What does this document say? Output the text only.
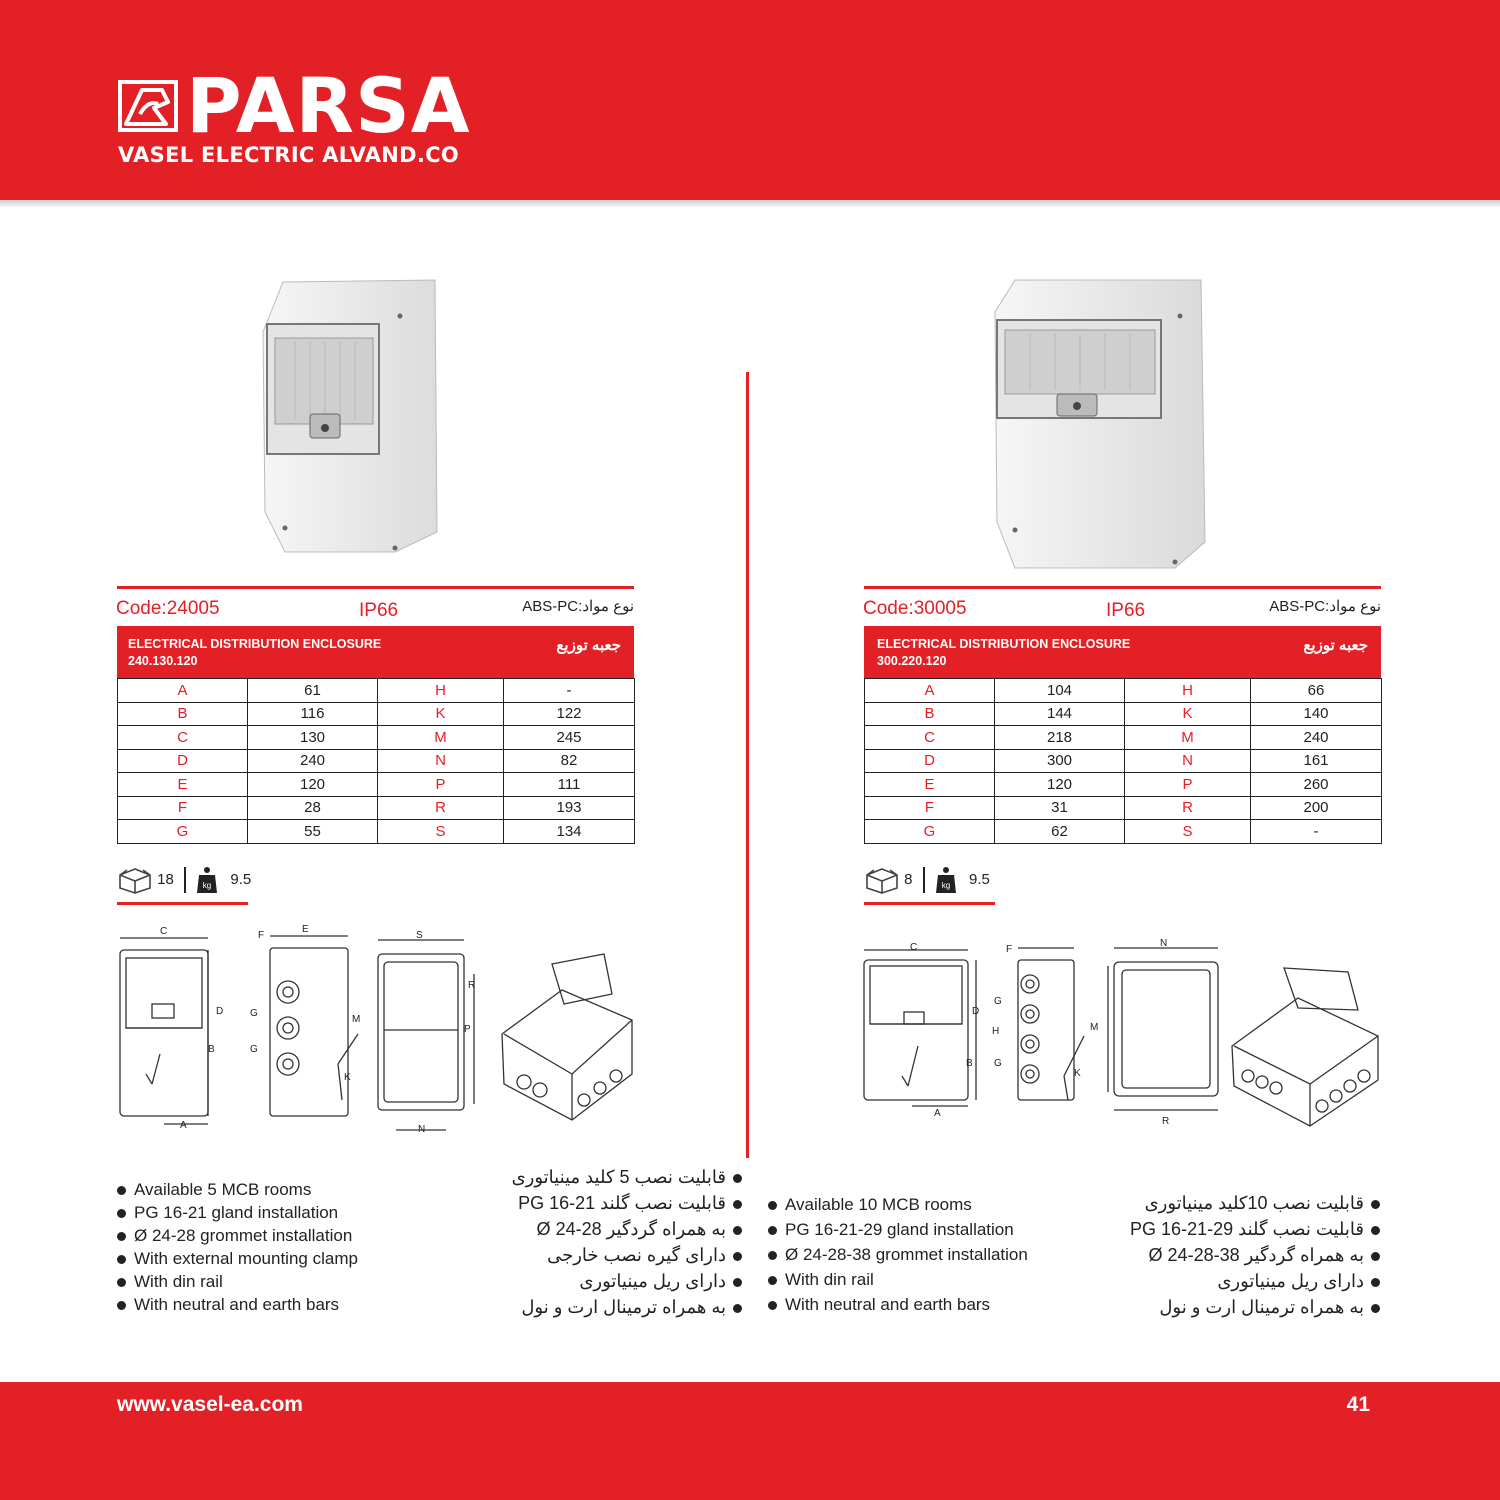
PARSA
VASEL ELECTRIC ALVAND.CO
Code:24005	IP66	نوع مواد:ABS-PC
ELECTRICAL DISTRIBUTION ENCLOSURE
240.130.120
جعبه توزیع
A	61	H	-
B	116	K	122
C	130	M	245
D	240	N	82
E	120	P	111
F	28	R	193
G	55	S	134
18	kg 9.5
C
D
B
A
F
E
G
G
M
K
S
R
P
N
Available 5 MCB rooms
PG 16-21 gland installation
Ø 24-28 grommet installation
With external mounting clamp
With din rail
With neutral and earth bars
قابلیت نصب 5 کلید مینیاتوری
قابلیت نصب گلند 21-PG 16
به همراه گردگیر 28-24 Ø
دارای گیره نصب خارجی
دارای ریل مینیاتوری
به همراه ترمینال ارت و نول
Code:30005	IP66	نوع مواد:ABS-PC
ELECTRICAL DISTRIBUTION ENCLOSURE
300.220.120
جعبه توزیع
A	104	H	66
B	144	K	140
C	218	M	240
D	300	N	161
E	120	P	260
F	31	R	200
G	62	S	-
8	kg 9.5
C
D
B
A
F
G
H
G
K
N
M
R
Available 10 MCB rooms
PG 16-21-29 gland installation
Ø 24-28-38 grommet installation
With din rail
With neutral and earth bars
قابلیت نصب 10کلید مینیاتوری
قابلیت نصب گلند 29-21-PG 16
به همراه گردگیر 38-28-24 Ø
دارای ریل مینیاتوری
به همراه ترمینال ارت و نول
www.vasel-ea.com	41
